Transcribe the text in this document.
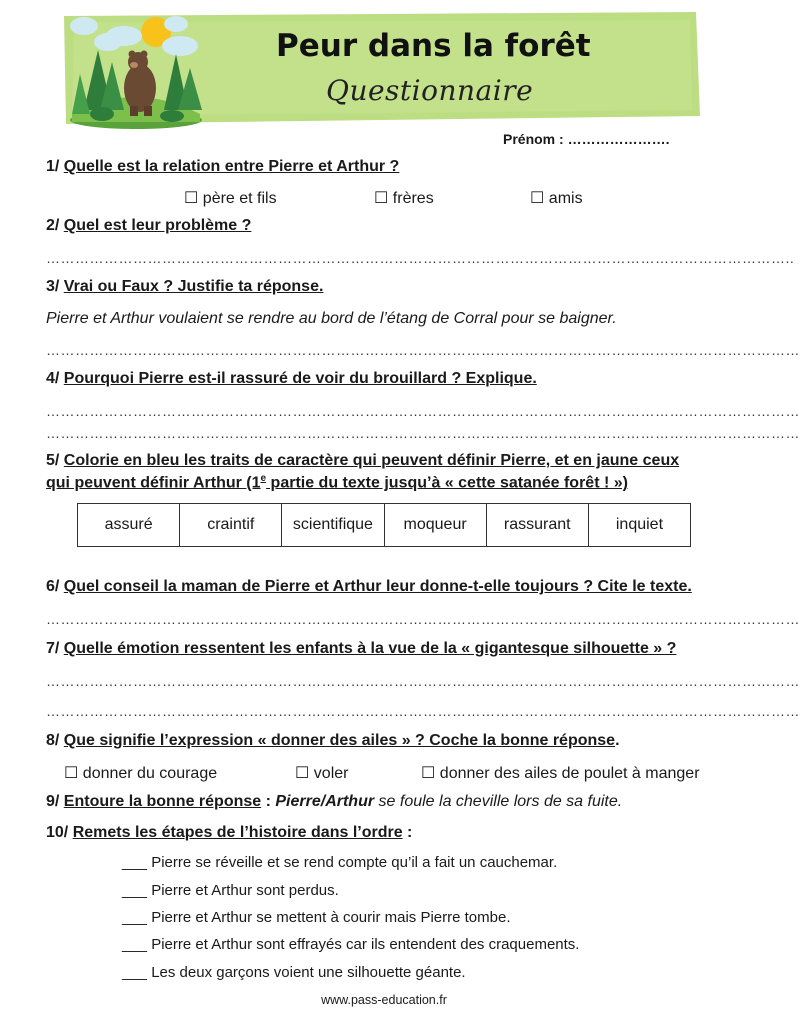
Peur dans la forêt
Questionnaire
Prénom : ………………….
1/ Quelle est la relation entre Pierre et Arthur ?
☐ père et fils	☐ frères	☐ amis
2/ Quel est leur problème ?
………………………………………………………………………………………………………………………………………..
3/ Vrai ou Faux ? Justifie ta réponse.
Pierre et Arthur voulaient se rendre au bord de l’étang de Corral pour se baigner.
…………………………………………………………………………………………………………………………………………
4/ Pourquoi Pierre est-il rassuré de voir du brouillard ? Explique.
…………………………………………………………………………………………………………………………………………
…………………………………………………………………………………………………………………………………………
5/ Colorie en bleu les traits de caractère qui peuvent définir Pierre, et en jaune ceux
qui peuvent définir Arthur (1e partie du texte jusqu’à « cette satanée forêt ! »)
assuré	craintif	scientifique	moqueur	rassurant	inquiet
6/ Quel conseil la maman de Pierre et Arthur leur donne-t-elle toujours ? Cite le texte.
…………………………………………………………………………………………………………………………………………
7/ Quelle émotion ressentent les enfants à la vue de la « gigantesque silhouette » ?
…………………………………………………………………………………………………………………………………………
…………………………………………………………………………………………………………………………………………
8/ Que signifie l’expression « donner des ailes » ? Coche la bonne réponse.
☐ donner du courage	☐ voler	☐ donner des ailes de poulet à manger
9/ Entoure la bonne réponse : Pierre/Arthur se foule la cheville lors de sa fuite.
10/ Remets les étapes de l’histoire dans l’ordre :
___ Pierre se réveille et se rend compte qu’il a fait un cauchemar.
___ Pierre et Arthur sont perdus.
___ Pierre et Arthur se mettent à courir mais Pierre tombe.
___ Pierre et Arthur sont effrayés car ils entendent des craquements.
___ Les deux garçons voient une silhouette géante.
www.pass-education.fr
